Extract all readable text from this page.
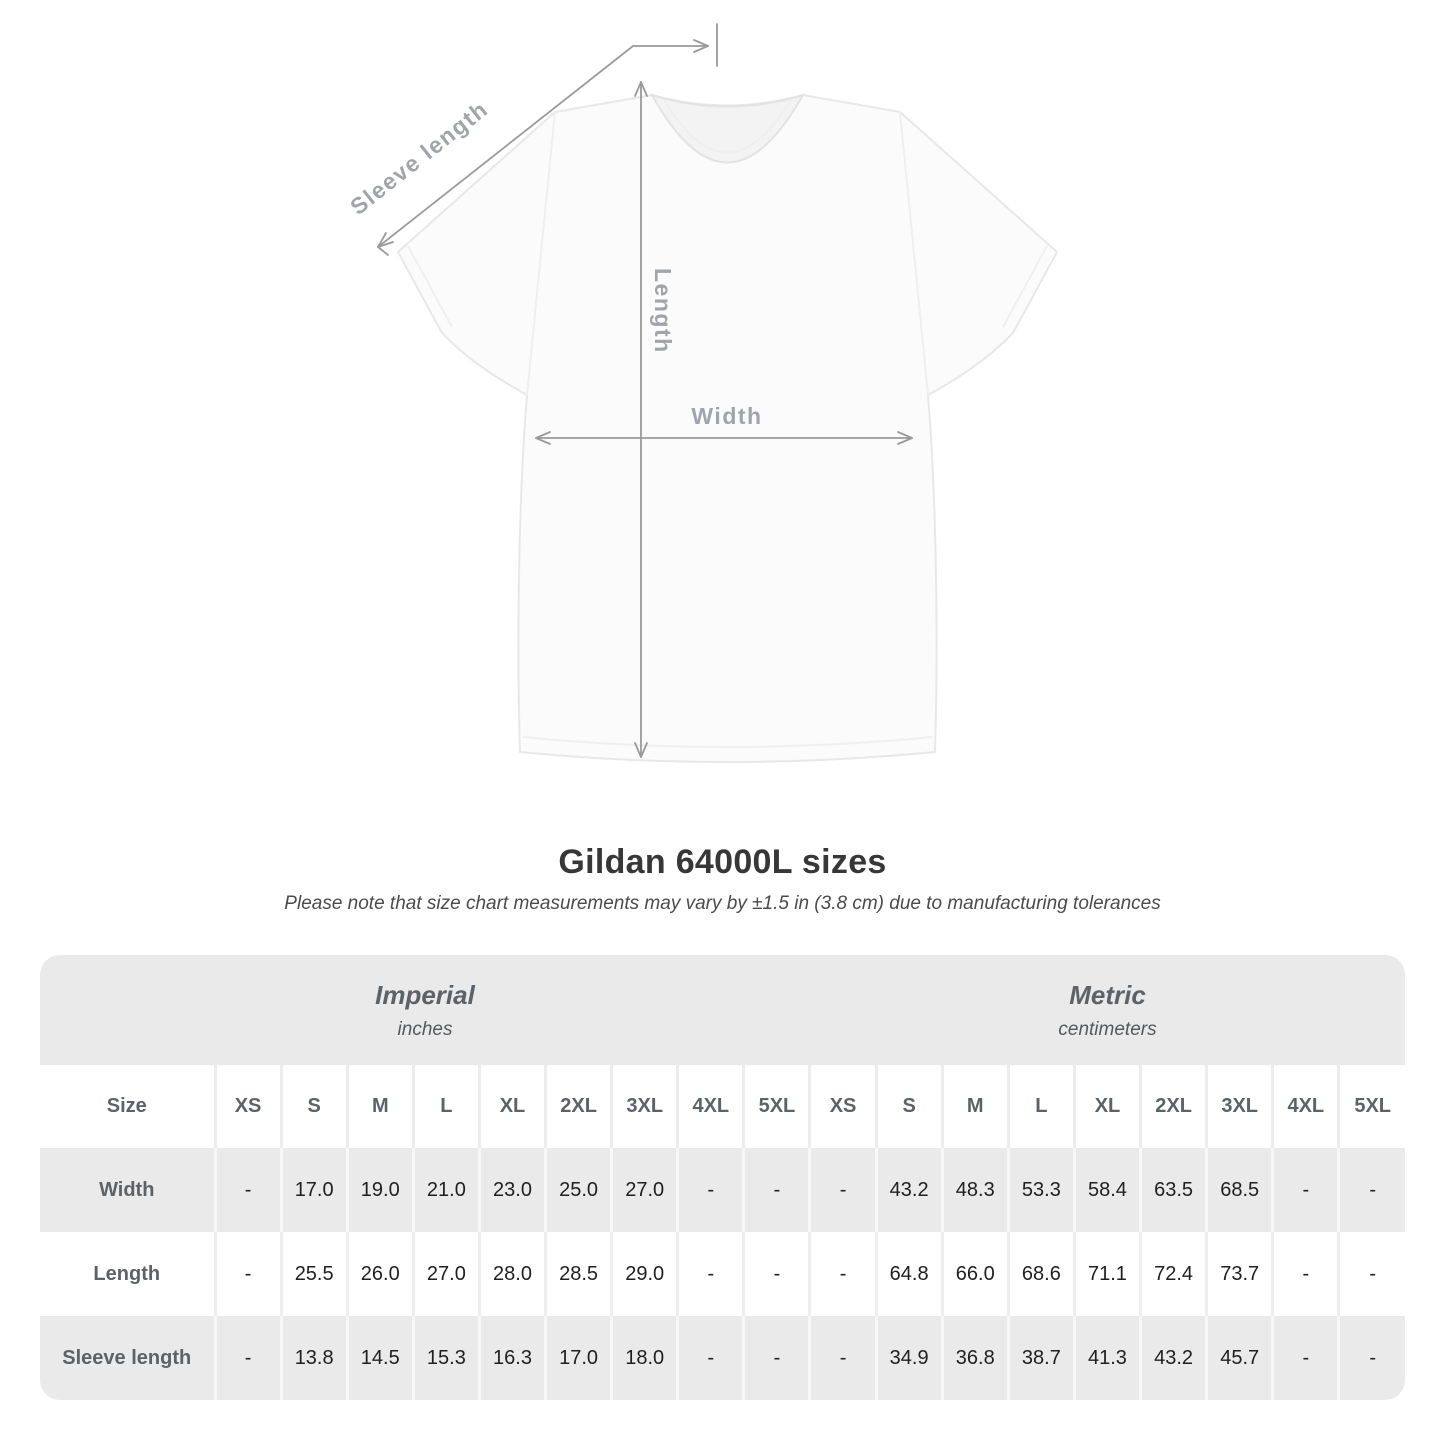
Sleeve length
Length
Width
Gildan 64000L sizes

Please note that size chart measurements may vary by ±1.5 in (3.8 cm) due to manufacturing tolerances

Imperial
inches

Metric
centimeters

Size	XS	S	M	L	XL	2XL	3XL	4XL	5XL	XS	S	M	L	XL	2XL	3XL	4XL	5XL
Width	-	17.0	19.0	21.0	23.0	25.0	27.0	-	-	-	43.2	48.3	53.3	58.4	63.5	68.5	-	-
Length	-	25.5	26.0	27.0	28.0	28.5	29.0	-	-	-	64.8	66.0	68.6	71.1	72.4	73.7	-	-
Sleeve length	-	13.8	14.5	15.3	16.3	17.0	18.0	-	-	-	34.9	36.8	38.7	41.3	43.2	45.7	-	-
